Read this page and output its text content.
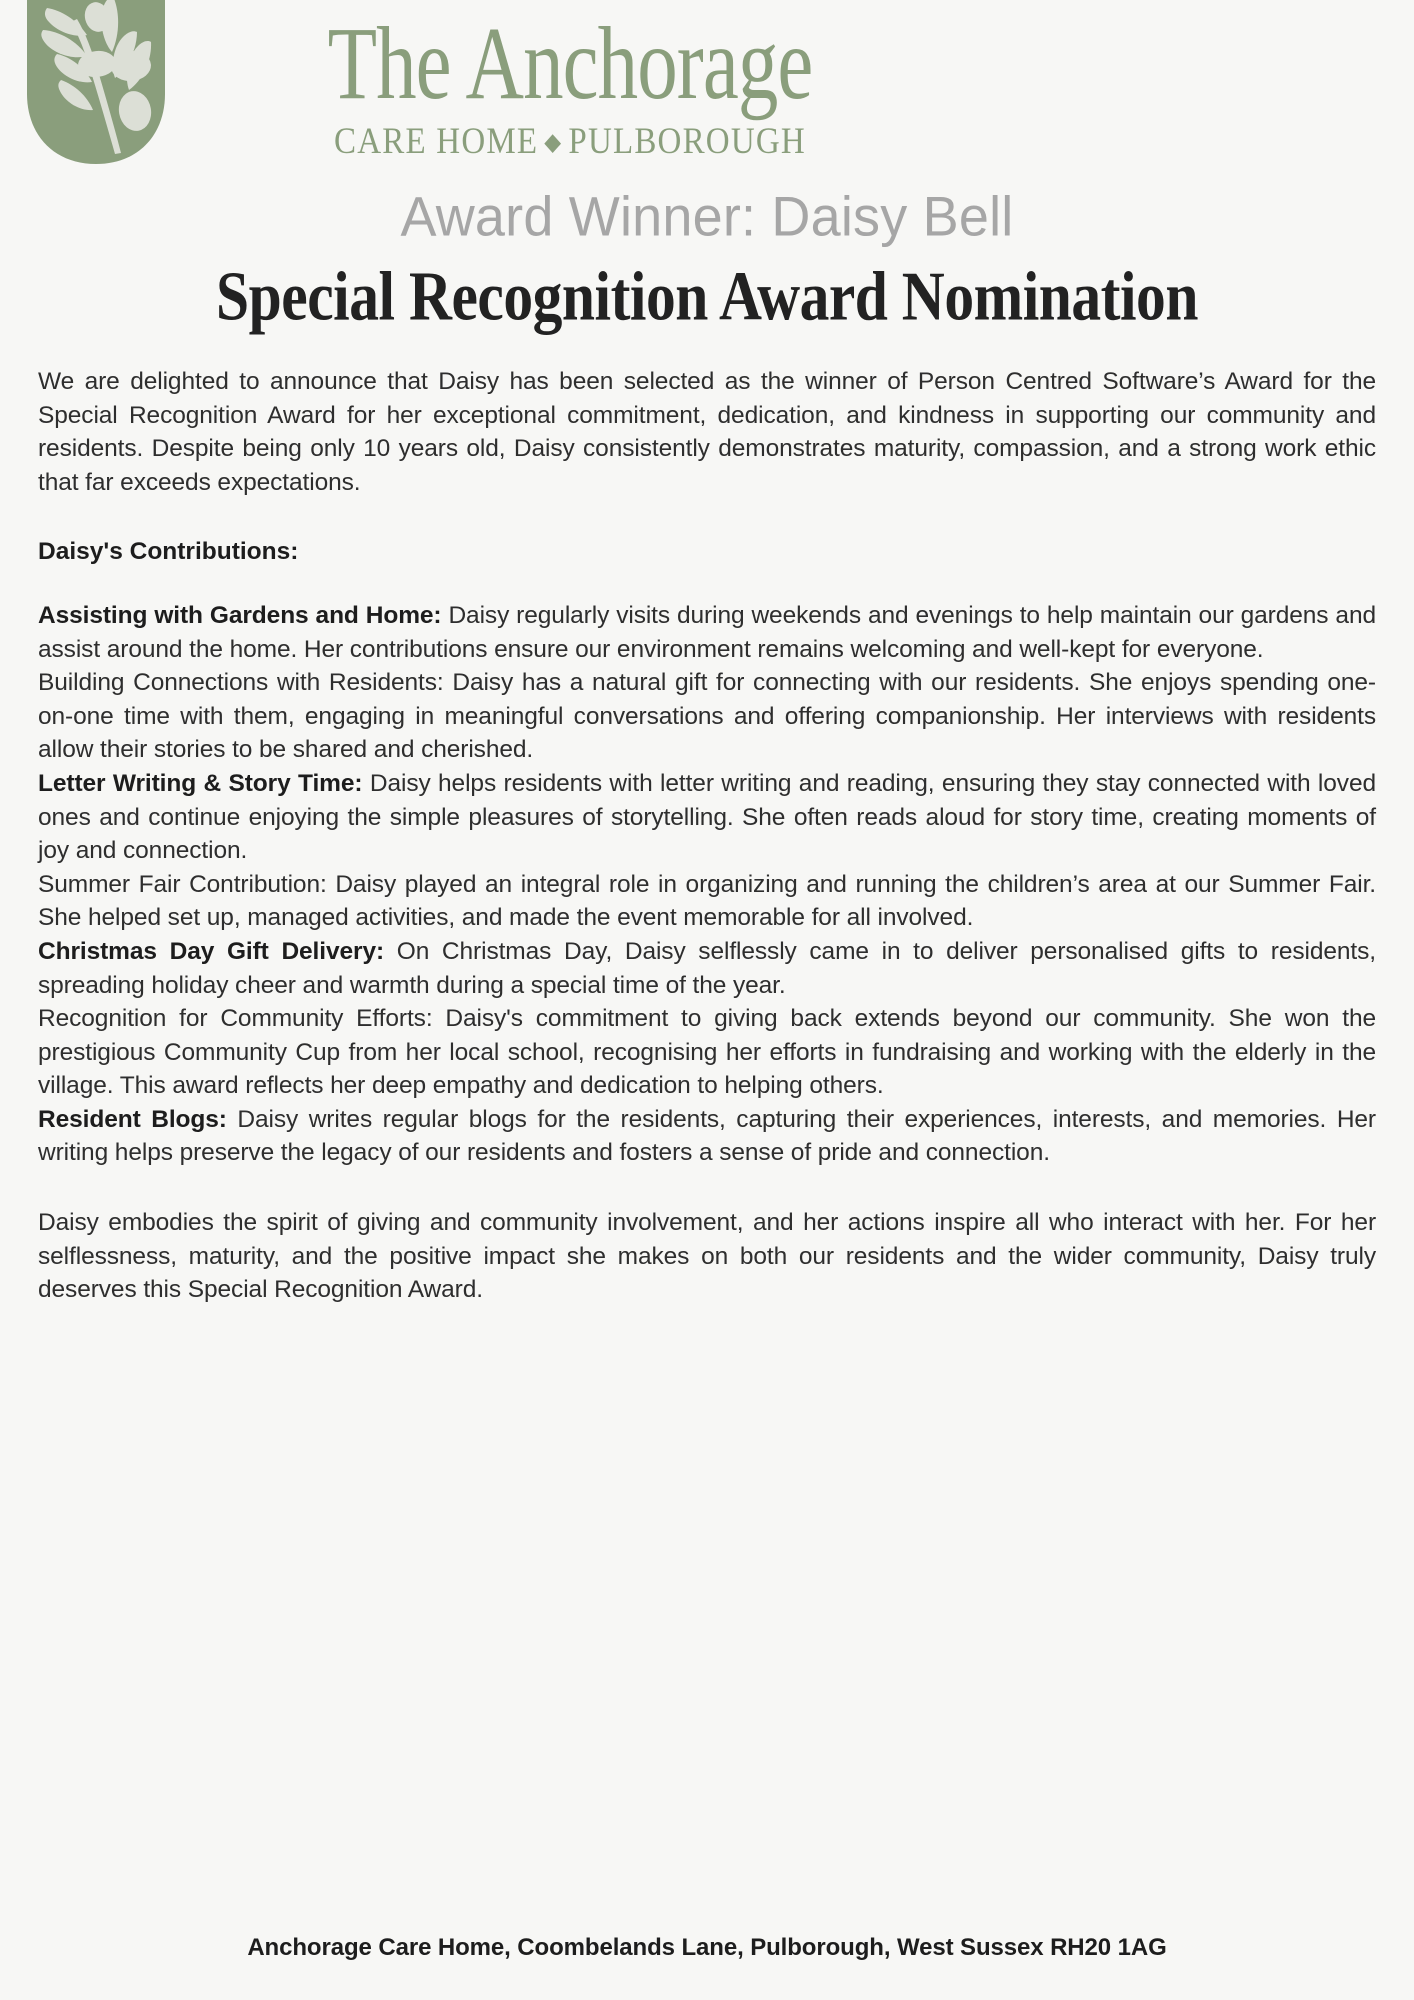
The Anchorage
CARE HOME ◆ PULBOROUGH
Award Winner: Daisy Bell
Special Recognition Award Nomination

We are delighted to announce that Daisy has been selected as the winner of Person Centred Software’s Award for the Special Recognition Award for her exceptional commitment, dedication, and kindness in supporting our community and residents. Despite being only 10 years old, Daisy consistently demonstrates maturity, compassion, and a strong work ethic that far exceeds expectations.

Daisy's Contributions:

Assisting with Gardens and Home: Daisy regularly visits during weekends and evenings to help maintain our gardens and assist around the home. Her contributions ensure our environment remains welcoming and well-kept for everyone.

Building Connections with Residents: Daisy has a natural gift for connecting with our residents. She enjoys spending one-on-one time with them, engaging in meaningful conversations and offering companionship. Her interviews with residents allow their stories to be shared and cherished.

Letter Writing & Story Time: Daisy helps residents with letter writing and reading, ensuring they stay connected with loved ones and continue enjoying the simple pleasures of storytelling. She often reads aloud for story time, creating moments of joy and connection.

Summer Fair Contribution: Daisy played an integral role in organizing and running the children’s area at our Summer Fair. She helped set up, managed activities, and made the event memorable for all involved.

Christmas Day Gift Delivery: On Christmas Day, Daisy selflessly came in to deliver personalised gifts to residents, spreading holiday cheer and warmth during a special time of the year.

Recognition for Community Efforts: Daisy's commitment to giving back extends beyond our community. She won the prestigious Community Cup from her local school, recognising her efforts in fundraising and working with the elderly in the village. This award reflects her deep empathy and dedication to helping others.

Resident Blogs: Daisy writes regular blogs for the residents, capturing their experiences, interests, and memories. Her writing helps preserve the legacy of our residents and fosters a sense of pride and connection.

Daisy embodies the spirit of giving and community involvement, and her actions inspire all who interact with her. For her selflessness, maturity, and the positive impact she makes on both our residents and the wider community, Daisy truly deserves this Special Recognition Award.

Anchorage Care Home, Coombelands Lane, Pulborough, West Sussex RH20 1AG
